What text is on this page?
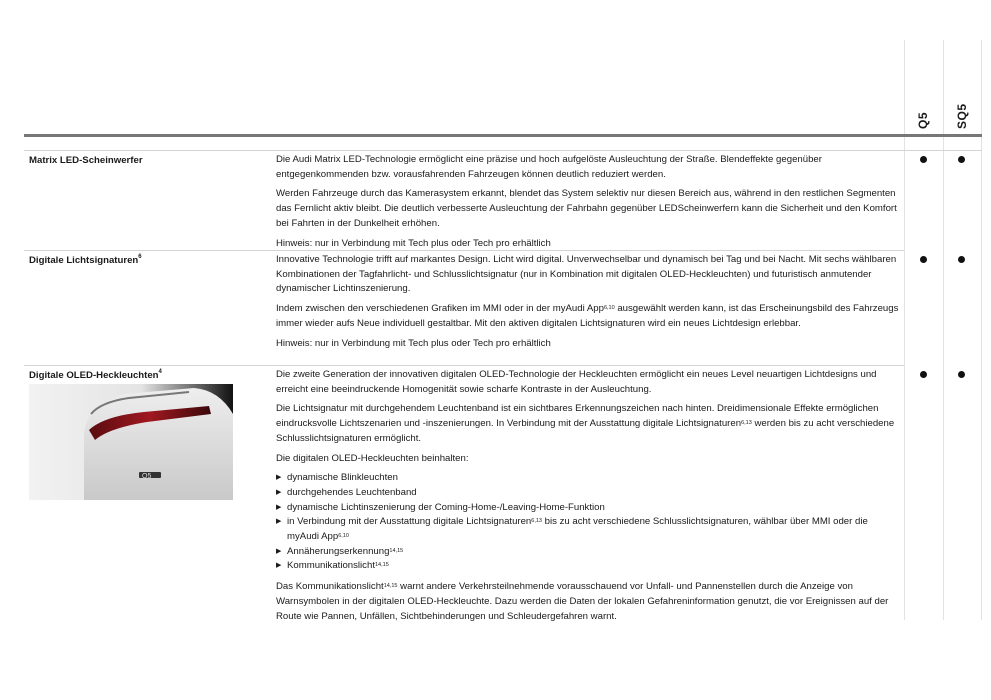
Q5 SQ5
Matrix LED-Scheinwerfer	Die Audi Matrix LED-Technologie ermöglicht eine präzise und hoch aufgelöste Ausleuchtung der Straße. Blendeffekte gegenüber entgegenkommenden bzw. vorausfahrenden Fahrzeugen können deutlich reduziert werden.

Werden Fahrzeuge durch das Kamerasystem erkannt, blendet das System selektiv nur diesen Bereich aus, während in den restlichen Segmenten das Fernlicht aktiv bleibt. Die deutlich verbesserte Ausleuchtung der Fahrbahn gegenüber LEDScheinwerfern kann die Sicherheit und den Komfort bei Fahrten in der Dunkelheit erhöhen.

Hinweis: nur in Verbindung mit Tech plus oder Tech pro erhältlich

Digitale Lichtsignaturen$^6$	Innovative Technologie trifft auf markantes Design. Licht wird digital. Unverwechselbar und dynamisch bei Tag und bei Nacht. Mit sechs wählbaren Kombinationen der Tagfahrlicht- und Schlusslichtsignatur (nur in Kombination mit digitalen OLED-Heckleuchten) und futuristisch anmutender dynamischer Lichtinszenierung.

Indem zwischen den verschiedenen Grafiken im MMI oder in der myAudi App$^{6,10}$ ausgewählt werden kann, ist das Erscheinungsbild des Fahrzeugs immer wieder aufs Neue individuell gestaltbar. Mit den aktiven digitalen Lichtsignaturen wird ein neues Lichtdesign erlebbar.

Hinweis: nur in Verbindung mit Tech plus oder Tech pro erhältlich

Digitale OLED-Heckleuchten$^4$
Q5

Die zweite Generation der innovativen digitalen OLED-Technologie der Heckleuchten ermöglicht ein neues Level neuartigen Lichtdesigns und erreicht eine beeindruckende Homogenität sowie scharfe Kontraste in der Ausleuchtung.

Die Lichtsignatur mit durchgehendem Leuchtenband ist ein sichtbares Erkennungszeichen nach hinten. Dreidimensionale Effekte ermöglichen eindrucksvolle Lichtszenarien und -inszenierungen. In Verbindung mit der Ausstattung digitale Lichtsignaturen$^{6,13}$ werden bis zu acht verschiedene Schlusslichtsignaturen ermöglicht.

Die digitalen OLED-Heckleuchten beinhalten:

▶ dynamische Blinkleuchten
▶ durchgehendes Leuchtenband
▶ dynamische Lichtinszenierung der Coming-Home-/Leaving-Home-Funktion
▶ in Verbindung mit der Ausstattung digitale Lichtsignaturen$^{6,13}$ bis zu acht verschiedene Schlusslichtsignaturen, wählbar über MMI oder die myAudi App$^{6,10}$
▶ Annäherungserkennung$^{14,15}$
▶ Kommunikationslicht$^{14,15}$

Das Kommunikationslicht$^{14,15}$ warnt andere Verkehrsteilnehmende vorausschauend vor Unfall- und Pannenstellen durch die Anzeige von Warnsymbolen in der digitalen OLED-Heckleuchte. Dazu werden die Daten der lokalen Gefahreninformation genutzt, die vor Ereignissen auf der Route wie Pannen, Unfällen, Sichtbehinderungen und Schleudergefahren warnt.
